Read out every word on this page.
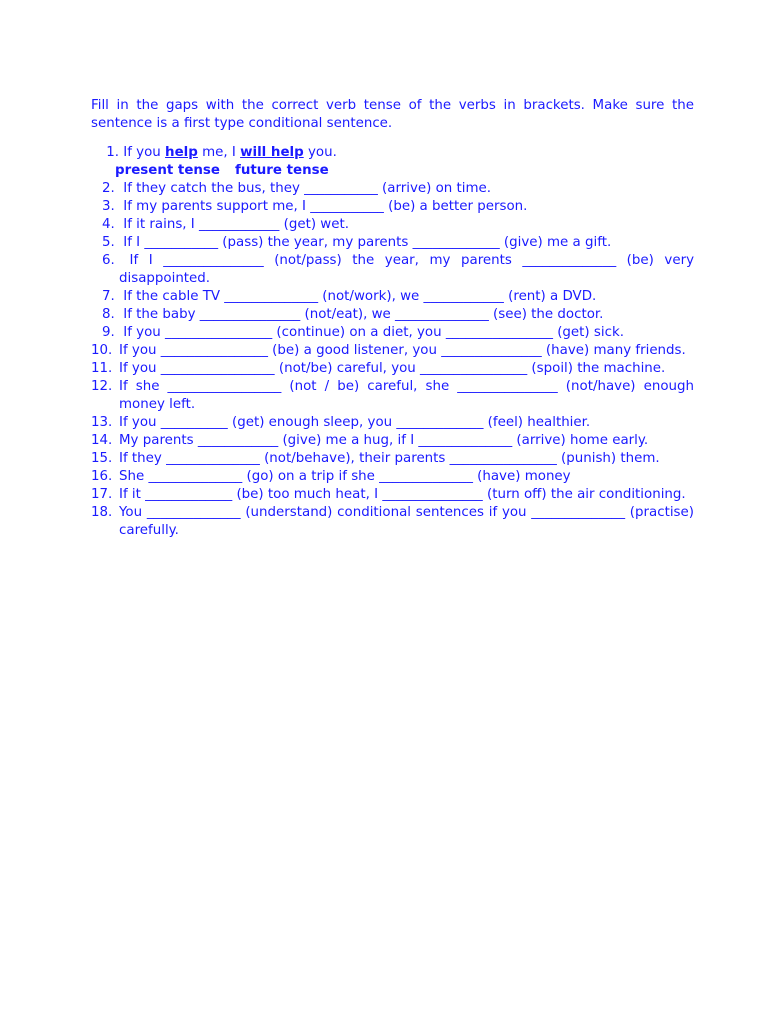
Fill in the gaps with the correct verb tense of the verbs in brackets. Make sure the sentence is a first type conditional sentence.

1. If you help me, I will help you.
present tense future tense
2. If they catch the bus, they ___________ (arrive) on time.
3. If my parents support me, I ___________ (be) a better person.
4. If it rains, I ____________ (get) wet.
5. If I ___________ (pass) the year, my parents _____________ (give) me a gift.
6. If I _______________ (not/pass) the year, my parents ______________ (be) very disappointed.
7. If the cable TV ______________ (not/work), we ____________ (rent) a DVD.
8. If the baby _______________ (not/eat), we ______________ (see) the doctor.
9. If you ________________ (continue) on a diet, you ________________ (get) sick.
10. If you ________________ (be) a good listener, you _______________ (have) many friends.
11. If you _________________ (not/be) careful, you ________________ (spoil) the machine.
12. If she _________________ (not / be) careful, she _______________ (not/have) enough money left.
13. If you __________ (get) enough sleep, you _____________ (feel) healthier.
14. My parents ____________ (give) me a hug, if I ______________ (arrive) home early.
15. If they ______________ (not/behave), their parents ________________ (punish) them.
16. She ______________ (go) on a trip if she ______________ (have) money
17. If it _____________ (be) too much heat, I _______________ (turn off) the air conditioning.
18. You ______________ (understand) conditional sentences if you ______________ (practise) carefully.
